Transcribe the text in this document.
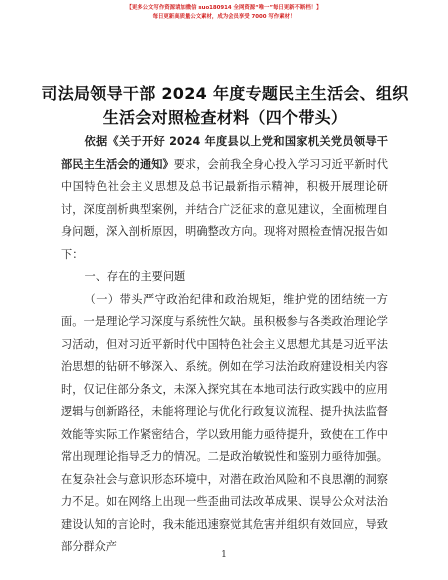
【更多公文写作资源请加微信 suo180914 全网资源“唯一”每日更新不断档！】
每日更新高质量公文素材，成为会员享受 7000 写作素材！
司法局领导干部 2024 年度专题民主生活会、组织生活会对照检查材料（四个带头）

依据《关于开好 2024 年度县以上党和国家机关党员领导干部民主生活会的通知》要求，会前我全身心投入学习习近平新时代中国特色社会主义思想及总书记最新指示精神，积极开展理论研讨，深度剖析典型案例，并结合广泛征求的意见建议，全面梳理自身问题，深入剖析原因，明确整改方向。现将对照检查情况报告如下：

一、存在的主要问题

（一）带头严守政治纪律和政治规矩，维护党的团结统一方面。一是理论学习深度与系统性欠缺。虽积极参与各类政治理论学习活动，但对习近平新时代中国特色社会主义思想尤其是习近平法治思想的钻研不够深入、系统。例如在学习法治政府建设相关内容时，仅记住部分条文，未深入探究其在本地司法行政实践中的应用逻辑与创新路径，未能将理论与优化行政复议流程、提升执法监督效能等实际工作紧密结合，学以致用能力亟待提升，致使在工作中常出现理论指导乏力的情况。二是政治敏锐性和鉴别力亟待加强。在复杂社会与意识形态环境中，对潜在政治风险和不良思潮的洞察力不足。如在网络上出现一些歪曲司法改革成果、误导公众对法治建设认知的言论时，我未能迅速察觉其危害并组织有效回应，导致部分群众产

1
